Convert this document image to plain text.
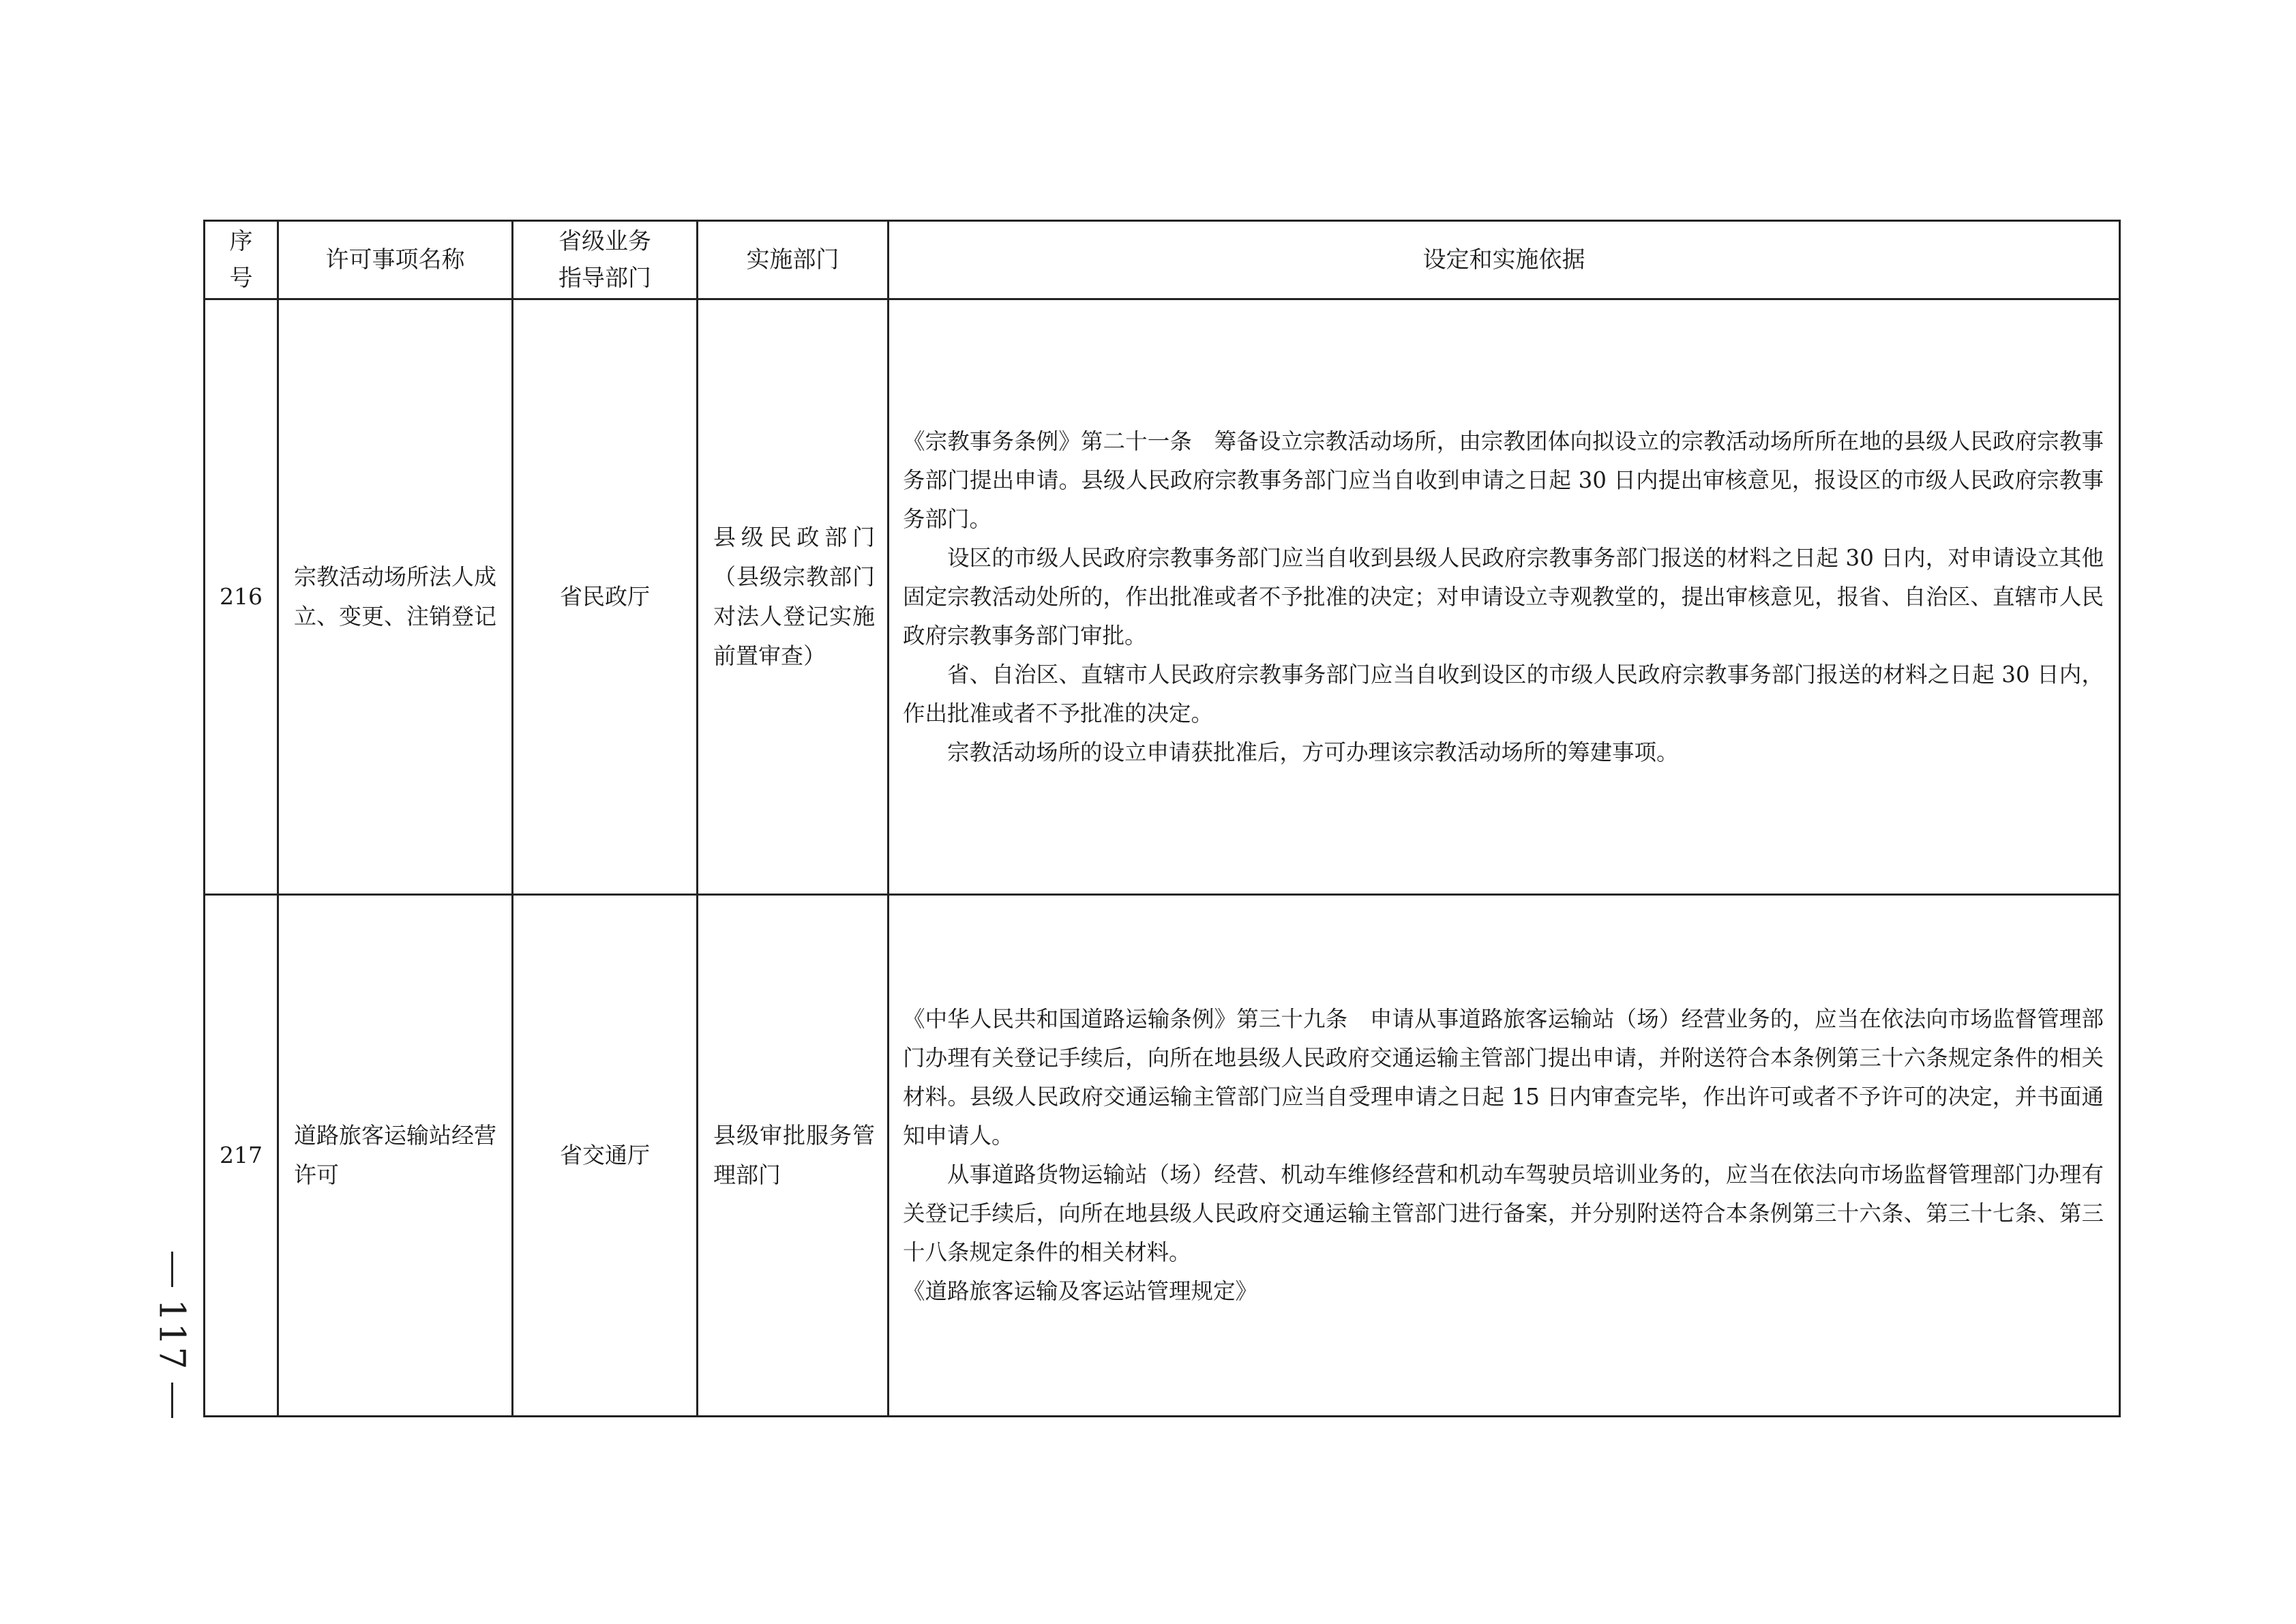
序号	许可事项名称	省级业务指导部门	实施部门	设定和实施依据
216	宗教活动场所法人成立、变更、注销登记	省民政厅	县级民政部门（县级宗教部门对法人登记实施前置审查）	《宗教事务条例》第二十一条　筹备设立宗教活动场所，由宗教团体向拟设立的宗教活动场所所在地的县级人民政府宗教事务部门提出申请。县级人民政府宗教事务部门应当自收到申请之日起 30 日内提出审核意见，报设区的市级人民政府宗教事务部门。

设区的市级人民政府宗教事务部门应当自收到县级人民政府宗教事务部门报送的材料之日起 30 日内，对申请设立其他固定宗教活动处所的，作出批准或者不予批准的决定；对申请设立寺观教堂的，提出审核意见，报省、自治区、直辖市人民政府宗教事务部门审批。

省、自治区、直辖市人民政府宗教事务部门应当自收到设区的市级人民政府宗教事务部门报送的材料之日起 30 日内，作出批准或者不予批准的决定。

宗教活动场所的设立申请获批准后，方可办理该宗教活动场所的筹建事项。

217	道路旅客运输站经营许可	省交通厅	县级审批服务管理部门	《中华人民共和国道路运输条例》第三十九条　申请从事道路旅客运输站（场）经营业务的，应当在依法向市场监督管理部门办理有关登记手续后，向所在地县级人民政府交通运输主管部门提出申请，并附送符合本条例第三十六条规定条件的相关材料。县级人民政府交通运输主管部门应当自受理申请之日起 15 日内审查完毕，作出许可或者不予许可的决定，并书面通知申请人。

从事道路货物运输站（场）经营、机动车维修经营和机动车驾驶员培训业务的，应当在依法向市场监督管理部门办理有关登记手续后，向所在地县级人民政府交通运输主管部门进行备案，并分别附送符合本条例第三十六条、第三十七条、第三十八条规定条件的相关材料。

《道路旅客运输及客运站管理规定》

117
